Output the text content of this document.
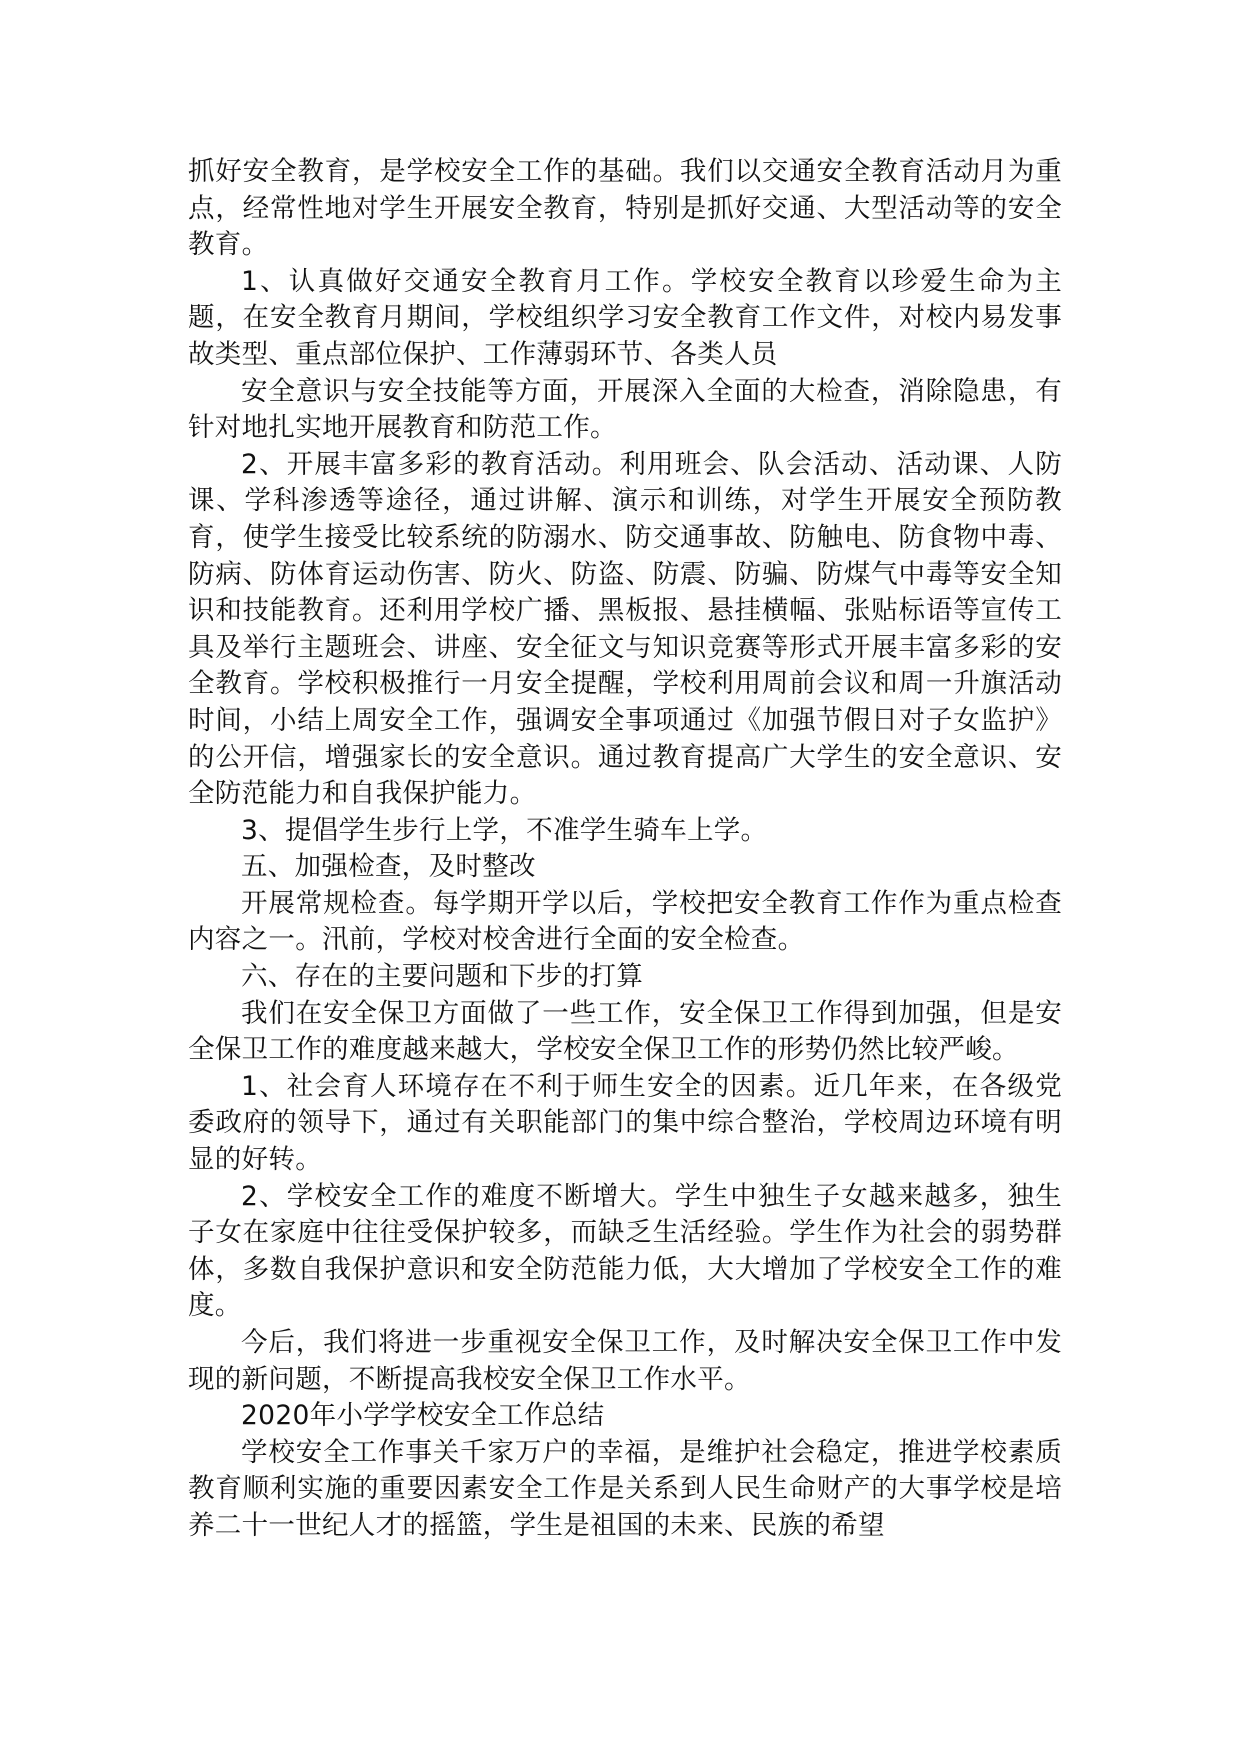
抓好安全教育，是学校安全工作的基础。我们以交通安全教育活动月为重点，经常性地对学生开展安全教育，特别是抓好交通、大型活动等的安全教育。

1、认真做好交通安全教育月工作。学校安全教育以珍爱生命为主题，在安全教育月期间，学校组织学习安全教育工作文件，对校内易发事故类型、重点部位保护、工作薄弱环节、各类人员

安全意识与安全技能等方面，开展深入全面的大检查，消除隐患，有针对地扎实地开展教育和防范工作。

2、开展丰富多彩的教育活动。利用班会、队会活动、活动课、人防课、学科渗透等途径，通过讲解、演示和训练，对学生开展安全预防教育，使学生接受比较系统的防溺水、防交通事故、防触电、防食物中毒、防病、防体育运动伤害、防火、防盗、防震、防骗、防煤气中毒等安全知识和技能教育。还利用学校广播、黑板报、悬挂横幅、张贴标语等宣传工具及举行主题班会、讲座、安全征文与知识竞赛等形式开展丰富多彩的安全教育。学校积极推行一月安全提醒，学校利用周前会议和周一升旗活动时间，小结上周安全工作，强调安全事项通过《加强节假日对子女监护》的公开信，增强家长的安全意识。通过教育提高广大学生的安全意识、安全防范能力和自我保护能力。

3、提倡学生步行上学，不准学生骑车上学。

五、加强检查，及时整改

开展常规检查。每学期开学以后，学校把安全教育工作作为重点检查内容之一。汛前，学校对校舍进行全面的安全检查。

六、存在的主要问题和下步的打算

我们在安全保卫方面做了一些工作，安全保卫工作得到加强，但是安全保卫工作的难度越来越大，学校安全保卫工作的形势仍然比较严峻。

1、社会育人环境存在不利于师生安全的因素。近几年来，在各级党委政府的领导下，通过有关职能部门的集中综合整治，学校周边环境有明显的好转。

2、学校安全工作的难度不断增大。学生中独生子女越来越多，独生子女在家庭中往往受保护较多，而缺乏生活经验。学生作为社会的弱势群体，多数自我保护意识和安全防范能力低，大大增加了学校安全工作的难度。

今后，我们将进一步重视安全保卫工作，及时解决安全保卫工作中发现的新问题，不断提高我校安全保卫工作水平。

2020年小学学校安全工作总结

学校安全工作事关千家万户的幸福，是维护社会稳定，推进学校素质教育顺利实施的重要因素安全工作是关系到人民生命财产的大事学校是培养二十一世纪人才的摇篮，学生是祖国的未来、民族的希望
